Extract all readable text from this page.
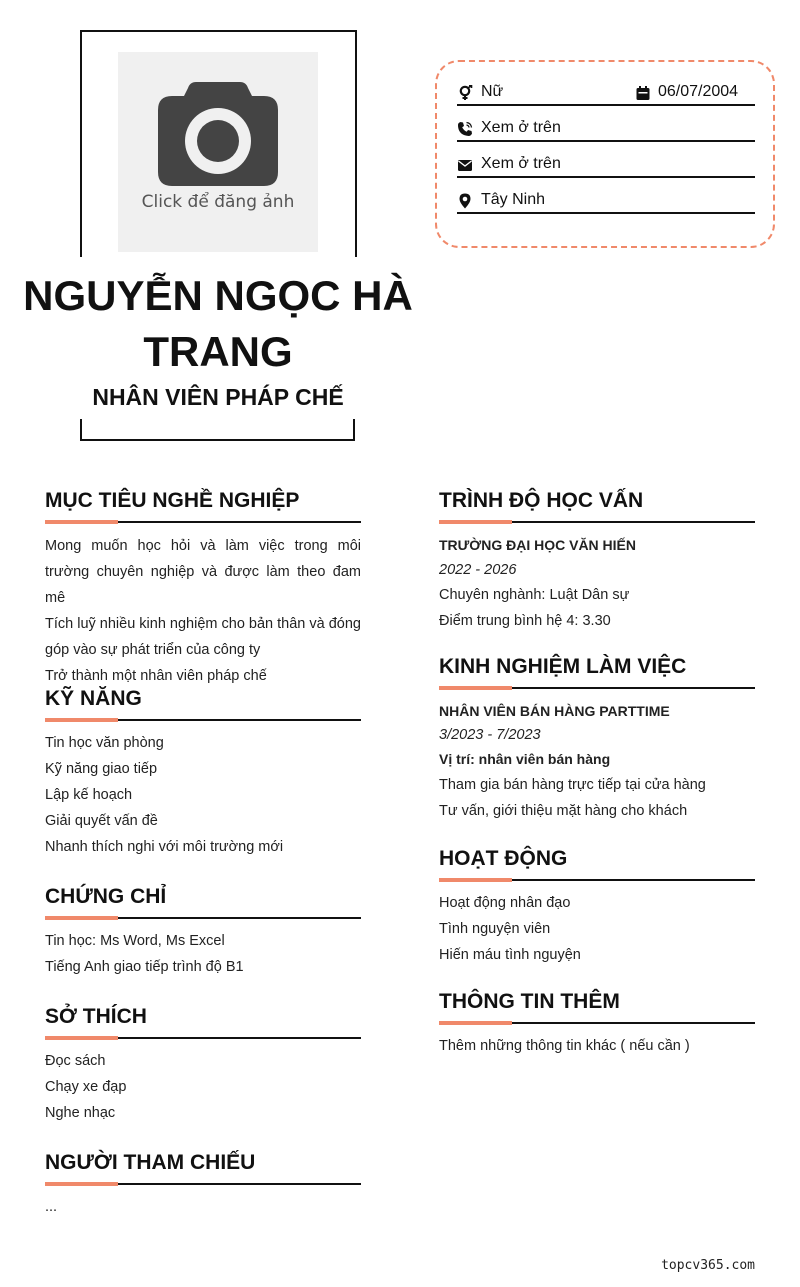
Click để đăng ảnh
NGUYỄN NGỌC HÀ TRANG
NHÂN VIÊN PHÁP CHẾ
Nữ	06/07/2004
Xem ở trên
Xem ở trên
Tây Ninh
MỤC TIÊU NGHỀ NGHIỆP
Mong muốn học hỏi và làm việc trong môi trường chuyên nghiệp và được làm theo đam mê
Tích luỹ nhiều kinh nghiệm cho bản thân và đóng góp vào sự phát triển của công ty
Trở thành một nhân viên pháp chế
KỸ NĂNG
Tin học văn phòng
Kỹ năng giao tiếp
Lập kế hoạch
Giải quyết vấn đề
Nhanh thích nghi với môi trường mới
CHỨNG CHỈ
Tin học: Ms Word, Ms Excel
Tiếng Anh giao tiếp trình độ B1
SỞ THÍCH
Đọc sách
Chạy xe đạp
Nghe nhạc
NGƯỜI THAM CHIẾU
...
TRÌNH ĐỘ HỌC VẤN
TRƯỜNG ĐẠI HỌC VĂN HIẾN
2022 - 2026
Chuyên nghành: Luật Dân sự
Điểm trung bình hệ 4: 3.30
KINH NGHIỆM LÀM VIỆC
NHÂN VIÊN BÁN HÀNG PARTTIME
3/2023 - 7/2023
Vị trí: nhân viên bán hàng
Tham gia bán hàng trực tiếp tại cửa hàng
Tư vấn, giới thiệu mặt hàng cho khách
HOẠT ĐỘNG
Hoạt động nhân đạo
Tình nguyện viên
Hiến máu tình nguyện
THÔNG TIN THÊM
Thêm những thông tin khác ( nếu cần )
topcv365.com
